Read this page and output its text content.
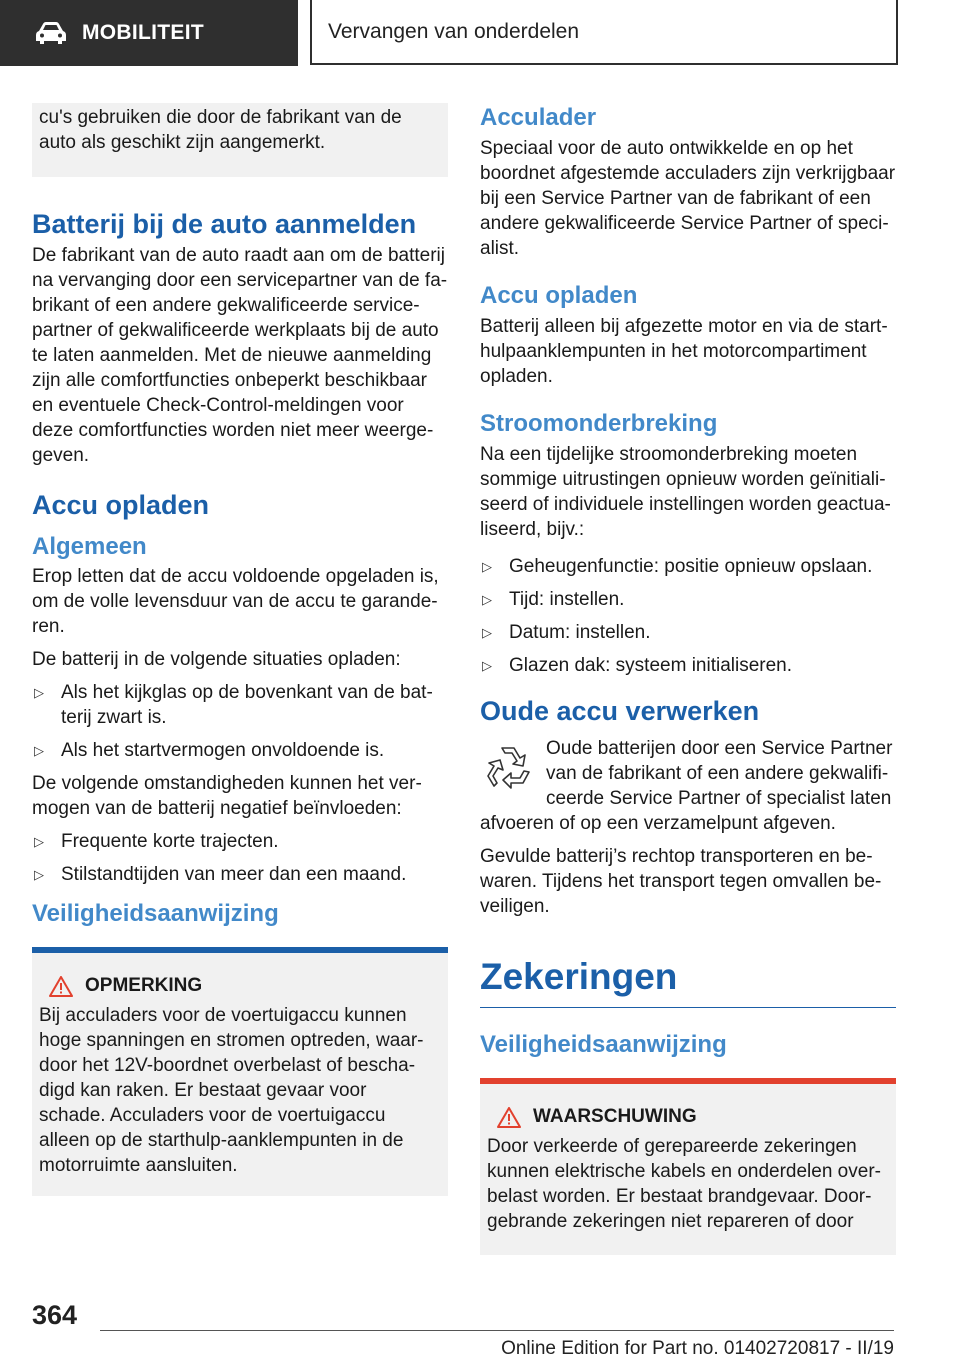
MOBILITEIT	Vervangen van onderdelen

cu's gebruiken die door de fabrikant van de auto als geschikt zijn aangemerkt.

Batterij bij de auto aanmelden

De fabrikant van de auto raadt aan om de batterij na vervanging door een servicepartner van de fa-brikant of een andere gekwalificeerde service-partner of gekwalificeerde werkplaats bij de auto te laten aanmelden. Met de nieuwe aanmelding zijn alle comfortfuncties onbeperkt beschikbaar en eventuele Check-Control-meldingen voor deze comfortfuncties worden niet meer weerge-geven.

Accu opladen
Algemeen

Erop letten dat de accu voldoende opgeladen is, om de volle levensduur van de accu te garande-ren.

De batterij in de volgende situaties opladen:

▷ Als het kijkglas op de bovenkant van de bat-terij zwart is.
▷ Als het startvermogen onvoldoende is.

De volgende omstandigheden kunnen het ver-mogen van de batterij negatief beïnvloeden:

▷ Frequente korte trajecten.
▷ Stilstandtijden van meer dan een maand.
Veiligheidsaanwijzing
OPMERKING

Bij acculaders voor de voertuigaccu kunnen hoge spanningen en stromen optreden, waar-door het 12V-boordnet overbelast of bescha-digd kan raken. Er bestaat gevaar voor schade. Acculaders voor de voertuigaccu alleen op de starthulp-aanklempunten in de motorruimte aansluiten.

Acculader

Speciaal voor de auto ontwikkelde en op het boordnet afgestemde acculaders zijn verkrijgbaar bij een Service Partner van de fabrikant of een andere gekwalificeerde Service Partner of speci-alist.

Accu opladen

Batterij alleen bij afgezette motor en via de start-hulpaanklempunten in het motorcompartiment opladen.

Stroomonderbreking

Na een tijdelijke stroomonderbreking moeten sommige uitrustingen opnieuw worden geïnitiali-seerd of individuele instellingen worden geactua-liseerd, bijv.:

▷ Geheugenfunctie: positie opnieuw opslaan.
▷ Tijd: instellen.
▷ Datum: instellen.
▷ Glazen dak: systeem initialiseren.
Oude accu verwerken

Oude batterijen door een Service Partner van de fabrikant of een andere gekwalifi-ceerde Service Partner of specialist laten

afvoeren of op een verzamelpunt afgeven.

Gevulde batterij’s rechtop transporteren en be-waren. Tijdens het transport tegen omvallen be-veiligen.

Zekeringen
Veiligheidsaanwijzing
WAARSCHUWING

Door verkeerde of gerepareerde zekeringen kunnen elektrische kabels en onderdelen over-belast worden. Er bestaat brandgevaar. Door-gebrande zekeringen niet repareren of door

364
Online Edition for Part no. 01402720817 - II/19
